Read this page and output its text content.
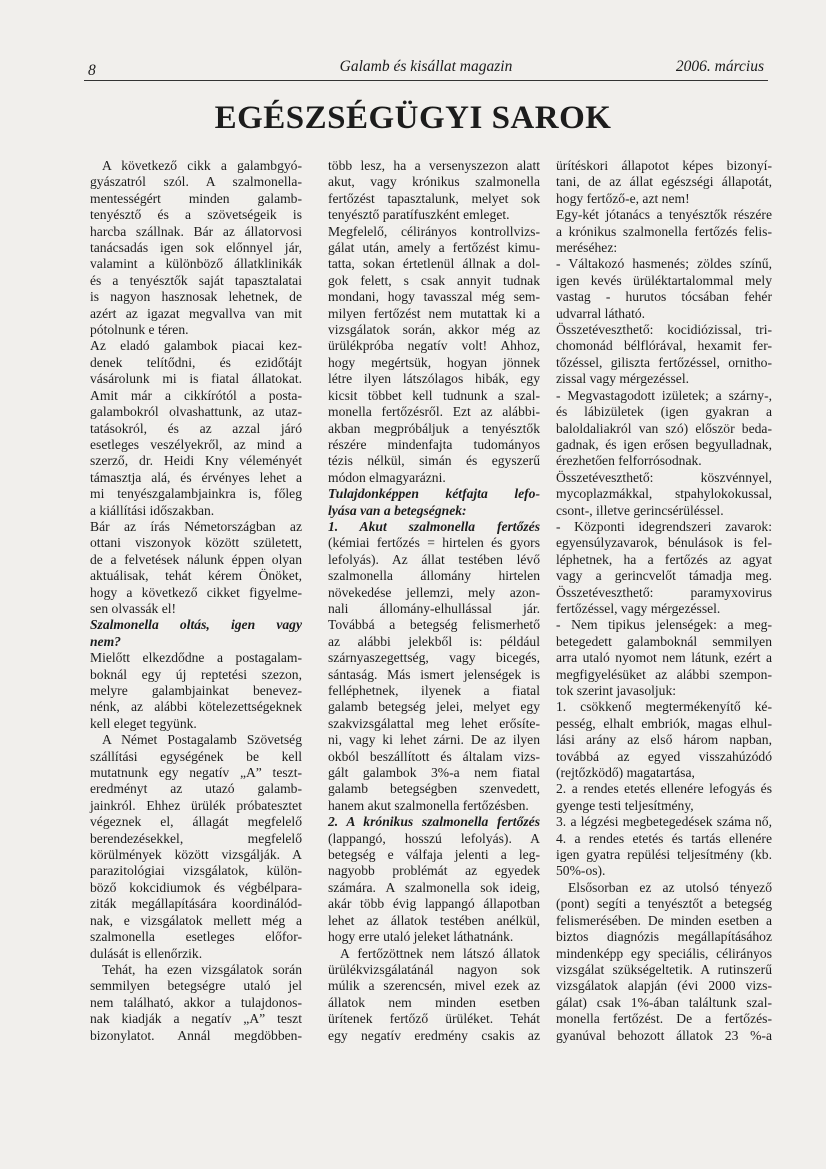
8	Galamb és kisállat magazin	2006. március
EGÉSZSÉGÜGYI SAROK

A következő cikk a galambgyó-

gyászatról szól. A szalmonella-

mentességért minden galamb-

tenyésztő és a szövetségeik is

harcba szállnak. Bár az állatorvosi

tanácsadás igen sok előnnyel jár,

valamint a különböző állatklinikák

és a tenyésztők saját tapasztalatai

is nagyon hasznosak lehetnek, de

azért az igazat megvallva van mit

pótolnunk e téren.

Az eladó galambok piacai kez-

denek telítődni, és ezidőtájt

vásárolunk mi is fiatal állatokat.

Amit már a cikkírótól a posta-

galambokról olvashattunk, az utaz-

tatásokról, és az azzal járó

esetleges veszélyekről, az mind a

szerző, dr. Heidi Kny véleményét

támasztja alá, és érvényes lehet a

mi tenyészgalambjainkra is, főleg

a kiállítási időszakban.

Bár az írás Németországban az

ottani viszonyok között született,

de a felvetések nálunk éppen olyan

aktuálisak, tehát kérem Önöket,

hogy a következő cikket figyelme-

sen olvassák el!

Szalmonella oltás, igen vagy

nem?

Mielőtt elkezdődne a postagalam-

boknál egy új reptetési szezon,

melyre galambjainkat benevez-

nénk, az alábbi kötelezettségeknek

kell eleget tegyünk.

A Német Postagalamb Szövetség

szállítási egységének be kell

mutatnunk egy negatív „A” teszt-

eredményt az utazó galamb-

jainkról. Ehhez ürülék próbatesztet

végeznek el, állagát megfelelő

berendezésekkel, megfelelő

körülmények között vizsgálják. A

parazitológiai vizsgálatok, külön-

böző kokcidiumok és végbélpara-

ziták megállapítására koordinálód-

nak, e vizsgálatok mellett még a

szalmonella esetleges előfor-

dulását is ellenőrzik.

Tehát, ha ezen vizsgálatok során

semmilyen betegségre utaló jel

nem található, akkor a tulajdonos-

nak kiadják a negatív „A” teszt

bizonylatot. Annál megdöbben-

több lesz, ha a versenyszezon alatt

akut, vagy krónikus szalmonella

fertőzést tapasztalunk, melyet sok

tenyésztő paratífuszként emleget.

Megfelelő, célirányos kontrollvizs-

gálat után, amely a fertőzést kimu-

tatta, sokan értetlenül állnak a dol-

gok felett, s csak annyit tudnak

mondani, hogy tavasszal még sem-

milyen fertőzést nem mutattak ki a

vizsgálatok során, akkor még az

ürülékpróba negatív volt! Ahhoz,

hogy megértsük, hogyan jönnek

létre ilyen látszólagos hibák, egy

kicsit többet kell tudnunk a szal-

monella fertőzésről. Ezt az alábbi-

akban megpróbáljuk a tenyésztők

részére mindenfajta tudományos

tézis nélkül, simán és egyszerű

módon elmagyarázni.

Tulajdonképpen kétfajta lefo-

lyása van a betegségnek:

1. Akut szalmonella fertőzés

(kémiai fertőzés = hirtelen és gyors

lefolyás). Az állat testében lévő

szalmonella állomány hirtelen

növekedése jellemzi, mely azon-

nali állomány-elhullással jár.

Továbbá a betegség felismerhető

az alábbi jelekből is: például

szárnyaszegettség, vagy bicegés,

sántaság. Más ismert jelenségek is

felléphetnek, ilyenek a fiatal

galamb betegség jelei, melyet egy

szakvizsgálattal meg lehet erősíte-

ni, vagy ki lehet zárni. De az ilyen

okból beszállított és általam vizs-

gált galambok 3%-a nem fiatal

galamb betegségben szenvedett,

hanem akut szalmonella fertőzésben.

2. A krónikus szalmonella fertőzés

(lappangó, hosszú lefolyás). A

betegség e válfaja jelenti a leg-

nagyobb problémát az egyedek

számára. A szalmonella sok ideig,

akár több évig lappangó állapotban

lehet az állatok testében anélkül,

hogy erre utaló jeleket láthatnánk.

A fertőzöttnek nem látszó állatok

ürülékvizsgálatánál nagyon sok

múlik a szerencsén, mivel ezek az

állatok nem minden esetben

ürítenek fertőző ürüléket. Tehát

egy negatív eredmény csakis az

ürítéskori állapotot képes bizonyí-

tani, de az állat egészségi állapotát,

hogy fertőző-e, azt nem!

Egy-két jótanács a tenyésztők részére

a krónikus szalmonella fertőzés felis-

meréséhez:

- Váltakozó hasmenés; zöldes színű,

igen kevés ürüléktartalommal mely

vastag - hurutos tócsában fehér

udvarral látható.

Összetéveszthető: kocidiózissal, tri-

chomonád bélflórával, hexamit fer-

tőzéssel, giliszta fertőzéssel, ornitho-

zissal vagy mérgezéssel.

- Megvastagodott izületek; a szárny-,

és lábizületek (igen gyakran a

baloldaliakról van szó) először beda-

gadnak, és igen erősen begyulladnak,

érezhetően felforrósodnak.

Összetéveszthető: köszvénnyel,

mycoplazmákkal, stpahylokokussal,

csont-, illetve gerincsérüléssel.

- Központi idegrendszeri zavarok:

egyensúlyzavarok, bénulások is fel-

léphetnek, ha a fertőzés az agyat

vagy a gerincvelőt támadja meg.

Összetéveszthető: paramyxovirus

fertőzéssel, vagy mérgezéssel.

- Nem tipikus jelenségek: a meg-

betegedett galamboknál semmilyen

arra utaló nyomot nem látunk, ezért a

megfigyelésüket az alábbi szempon-

tok szerint javasoljuk:

1. csökkenő megtermékenyítő ké-

pesség, elhalt embriók, magas elhul-

lási arány az első három napban,

továbbá az egyed visszahúzódó

(rejtőzködő) magatartása,

2. a rendes etetés ellenére lefogyás és

gyenge testi teljesítmény,

3. a légzési megbetegedések száma nő,

4. a rendes etetés és tartás ellenére

igen gyatra repülési teljesítmény (kb.

50%-os).

Elsősorban ez az utolsó tényező

(pont) segíti a tenyésztőt a betegség

felismerésében. De minden esetben a

biztos diagnózis megállapításához

mindenképp egy speciális, célirányos

vizsgálat szükségeltetik. A rutinszerű

vizsgálatok alapján (évi 2000 vizs-

gálat) csak 1%-ában találtunk szal-

monella fertőzést. De a fertőzés-

gyanúval behozott állatok 23 %-a
